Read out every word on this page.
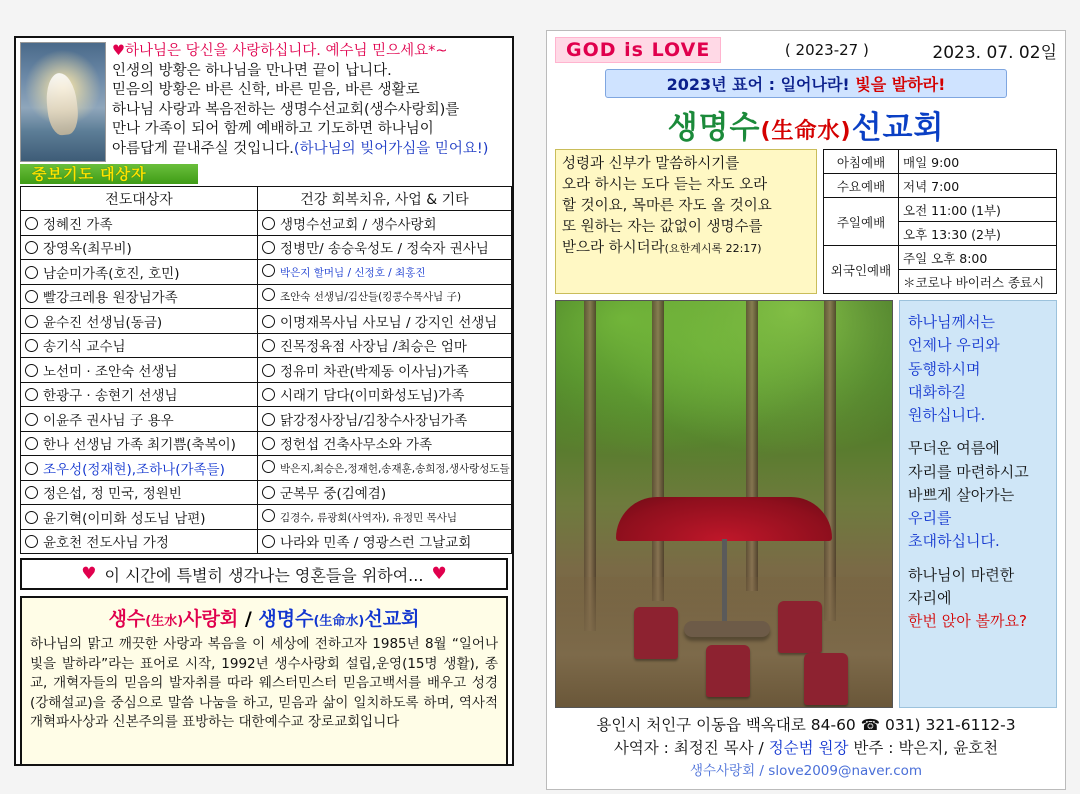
♥하나님은 당신을 사랑하십니다. 예수님 믿으세요*~

인생의 방황은 하나님을 만나면 끝이 납니다.

믿음의 방황은 바른 신학, 바른 믿음, 바른 생활로

하나님 사랑과 복음전하는 생명수선교회(생수사랑회)를

만나 가족이 되어 함께 예배하고 기도하면 하나님이

아름답게 끝내주실 것입니다.(하나님의 빚어가심을 믿어요!)

중보기도 대상자
전도대상자	건강 회복치유, 사업 & 기타
정혜진 가족	생명수선교회 / 생수사랑회
장영옥(최무비)	정병만/ 송승욱성도 / 정숙자 권사님
남순미가족(호진, 호민)	박은지 할머님 / 신정호 / 최홍진
빨강크레용 원장님가족	조안숙 선생님/김산들(킹콩수목사님 子)
윤수진 선생님(동금)	이명재목사님 사모님 / 강지인 선생님
송기식 교수님	진목정육점 사장님 /최승은 엄마
노선미 · 조안숙 선생님	정유미 차관(박제동 이사님)가족
한광구 · 송현기 선생님	시래기 담다(이미화성도님)가족
이윤주 권사님 子 용우	닭강정사장님/김창수사장님가족
한나 선생님 가족 최기쁨(축복이)	정헌섭 건축사무소와 가족
조우성(정재현),조하나(가족들)	박은지,최승은,정재헌,송재훈,송희정,생사랑성도들
정은섭, 정 민국, 정원빈	군복무 중(김예겸)
윤기혁(이미화 성도님 남편)	김경수, 류광회(사역자), 유정민 목사님
윤호천 전도사님 가정	나라와 민족 / 영광스런 그날교회
♥ 이 시간에 특별히 생각나는 영혼들을 위하여... ♥
생수(生水)사랑회 / 생명수(生命水)선교회
하나님의 맑고 깨끗한 사랑과 복음을 이 세상에 전하고자 1985년 8월 “일어나 빛을 발하라”라는 표어로 시작, 1992년 생수사랑회 설립,운영(15명 생활), 종교, 개혁자들의 믿음의 발자취를 따라 웨스터민스터 믿음고백서를 배우고 성경(강해설교)을 중심으로 말씀 나눔을 하고, 믿음과 삶이 일치하도록 하며, 역사적 개혁파사상과 신본주의를 표방하는 대한예수교 장로교회입니다
GOD is LOVE	( 2023-27 )	2023. 07. 02일
2023년 표어 : 일어나라! 빛을 발하라!
생명수(生命水)선교회
성령과 신부가 말씀하시기를
오라 하시는 도다 듣는 자도 오라
할 것이요, 목마른 자도 올 것이요
또 원하는 자는 값없이 생명수를
받으라 하시더라(요한계시록 22:17)
아침예배	매일 9:00
수요예배	저녁 7:00
주일예배	오전 11:00 (1부)
	오후 13:30 (2부)
외국인예배	주일 오후 8:00
	＊코로나 바이러스 종료시
하나님께서는
언제나 우리와
동행하시며
대화하길
원하십니다.
무더운 여름에
자리를 마련하시고
바쁘게 살아가는
우리를
초대하십니다.
하나님이 마련한
자리에
한번 앉아 볼까요?
용인시 처인구 이동읍 백옥대로 84-60 ☎ 031) 321-6112-3
사역자 : 최정진 목사 / 정순범 원장 반주 : 박은지, 윤호천
생수사랑회 / slove2009@naver.com
